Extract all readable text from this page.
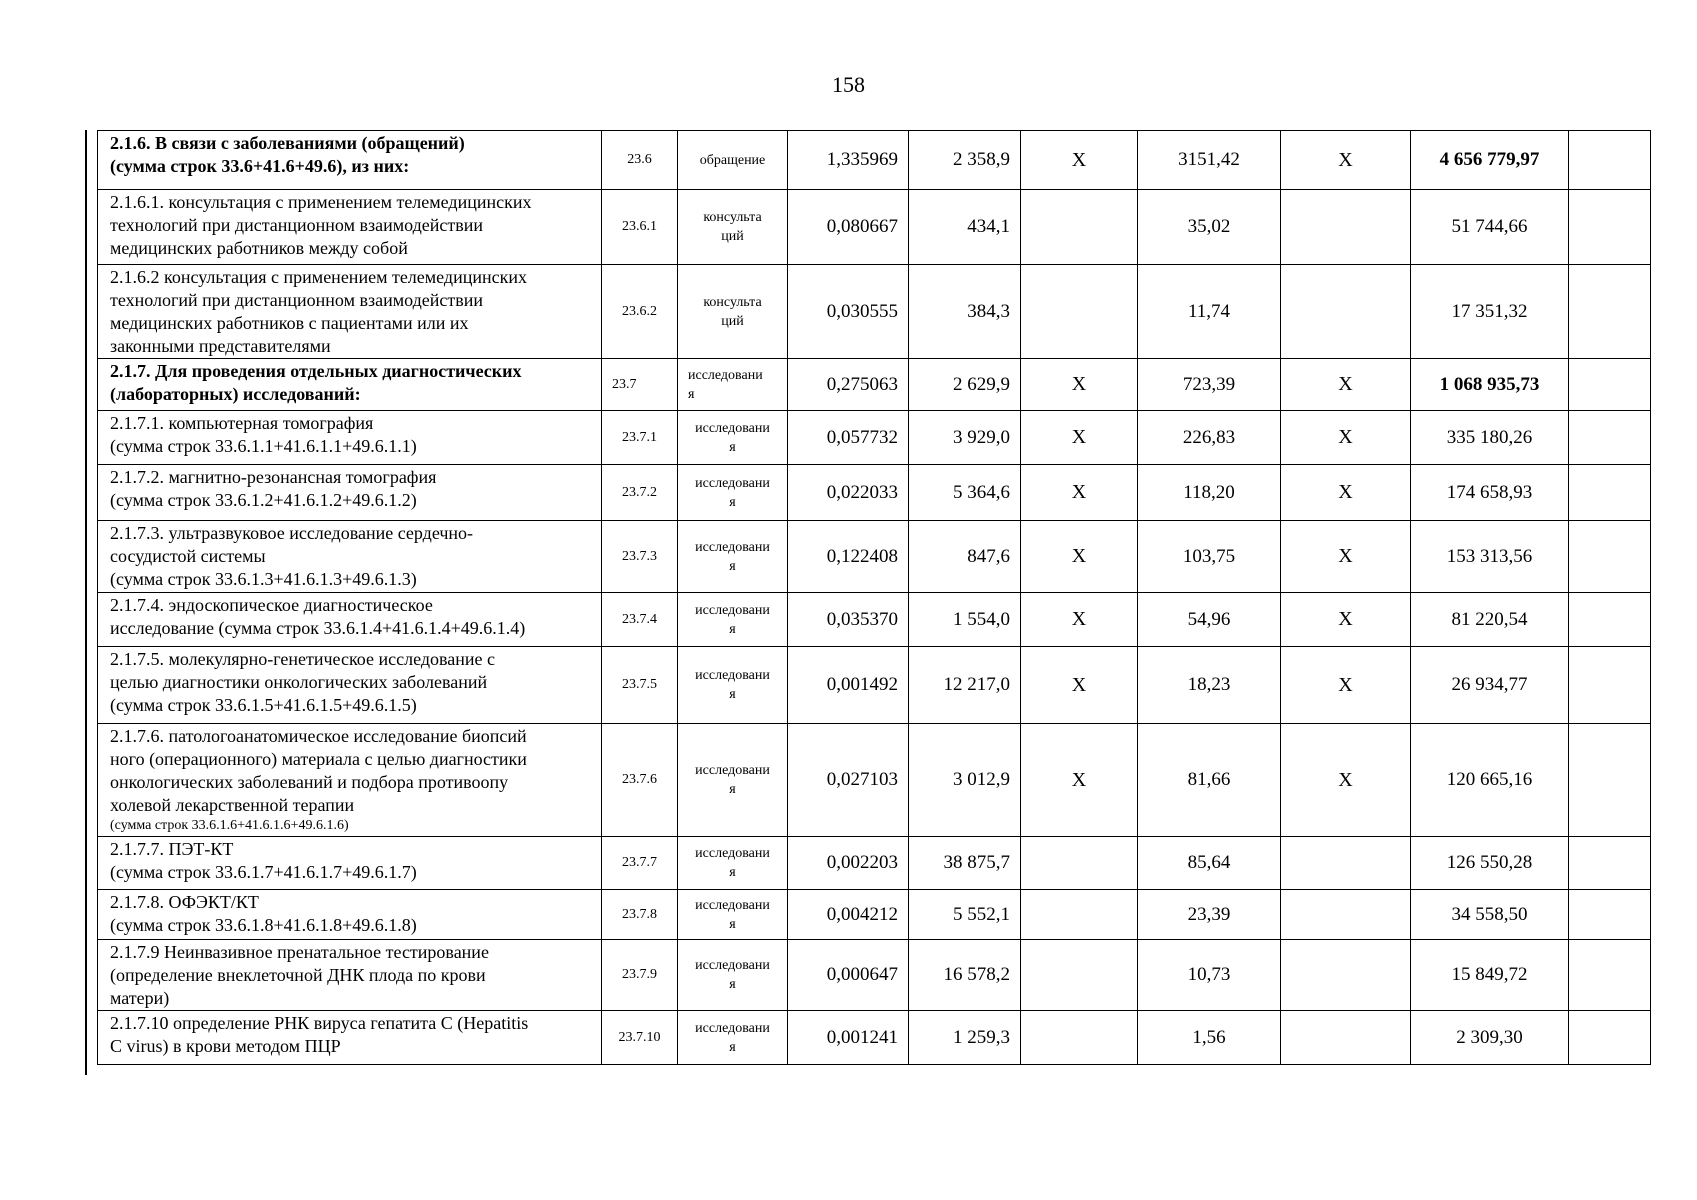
158
2.1.6. В связи с заболеваниями (обращений)
(сумма строк 33.6+41.6+49.6), из них:	23.6	обращение	1,335969	2 358,9	X	3151,42	X	4 656 779,97	

2.1.6.1. консультация с применением телемедицинских
технологий при дистанционном взаимодействии
медицинских работников между собой	23.6.1	консульта
ций	0,080667	434,1		35,02		51 744,66	

2.1.6.2 консультация с применением телемедицинских
технологий при дистанционном взаимодействии
медицинских работников с пациентами или их
законными представителями	23.6.2	консульта
ций	0,030555	384,3		11,74		17 351,32	

2.1.7. Для проведения отдельных диагностических
(лабораторных) исследований:	23.7	исследовани
я	0,275063	2 629,9	X	723,39	X	1 068 935,73	

2.1.7.1. компьютерная томография
(сумма строк 33.6.1.1+41.6.1.1+49.6.1.1)	23.7.1	исследовани
я	0,057732	3 929,0	X	226,83	X	335 180,26	

2.1.7.2. магнитно-резонансная томография
(сумма строк 33.6.1.2+41.6.1.2+49.6.1.2)	23.7.2	исследовани
я	0,022033	5 364,6	X	118,20	X	174 658,93	

2.1.7.3. ультразвуковое исследование сердечно-
сосудистой системы
(сумма строк 33.6.1.3+41.6.1.3+49.6.1.3)	23.7.3	исследовани
я	0,122408	847,6	X	103,75	X	153 313,56	

2.1.7.4. эндоскопическое диагностическое
исследование (сумма строк 33.6.1.4+41.6.1.4+49.6.1.4)	23.7.4	исследовани
я	0,035370	1 554,0	X	54,96	X	81 220,54	

2.1.7.5. молекулярно-генетическое исследование с
целью диагностики онкологических заболеваний
(сумма строк 33.6.1.5+41.6.1.5+49.6.1.5)	23.7.5	исследовани
я	0,001492	12 217,0	X	18,23	X	26 934,77	

2.1.7.6. патологоанатомическое исследование биопсий
ного (операционного) материала с целью диагностики
онкологических заболеваний и подбора противоопу
холевой лекарственной терапии
(сумма строк 33.6.1.6+41.6.1.6+49.6.1.6)	23.7.6	исследовани
я	0,027103	3 012,9	X	81,66	X	120 665,16	

2.1.7.7. ПЭТ-КТ
(сумма строк 33.6.1.7+41.6.1.7+49.6.1.7)	23.7.7	исследовани
я	0,002203	38 875,7		85,64		126 550,28	

2.1.7.8. ОФЭКТ/КТ
(сумма строк 33.6.1.8+41.6.1.8+49.6.1.8)	23.7.8	исследовани
я	0,004212	5 552,1		23,39		34 558,50	

2.1.7.9 Неинвазивное пренатальное тестирование
(определение внеклеточной ДНК плода по крови
матери)	23.7.9	исследовани
я	0,000647	16 578,2		10,73		15 849,72	

2.1.7.10 определение РНК вируса гепатита С (Hepatitis
C virus) в крови методом ПЦР	23.7.10	исследовани
я	0,001241	1 259,3		1,56		2 309,30	
